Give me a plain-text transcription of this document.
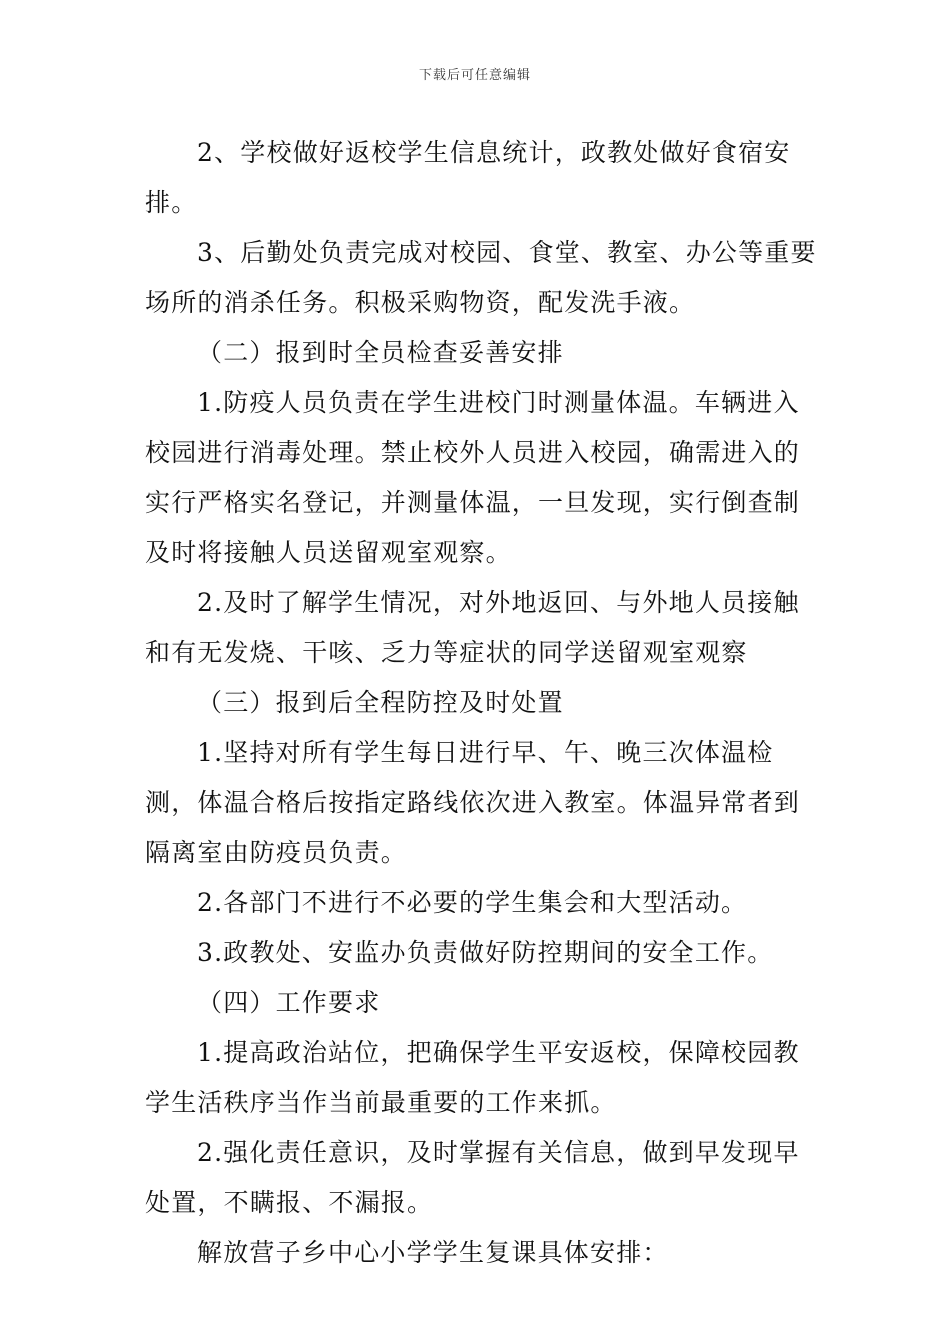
下载后可任意编辑

2、学校做好返校学生信息统计，政教处做好食宿安排。

3、后勤处负责完成对校园、食堂、教室、办公等重要场所的消杀任务。积极采购物资，配发洗手液。

（二）报到时全员检查妥善安排

1.防疫人员负责在学生进校门时测量体温。车辆进入校园进行消毒处理。禁止校外人员进入校园，确需进入的实行严格实名登记，并测量体温，一旦发现，实行倒查制及时将接触人员送留观室观察。

2.及时了解学生情况，对外地返回、与外地人员接触和有无发烧、干咳、乏力等症状的同学送留观室观察

（三）报到后全程防控及时处置

1.坚持对所有学生每日进行早、午、晚三次体温检测，体温合格后按指定路线依次进入教室。体温异常者到隔离室由防疫员负责。

2.各部门不进行不必要的学生集会和大型活动。

3.政教处、安监办负责做好防控期间的安全工作。

（四）工作要求

1.提高政治站位，把确保学生平安返校，保障校园教学生活秩序当作当前最重要的工作来抓。

2.强化责任意识，及时掌握有关信息，做到早发现早处置，不瞒报、不漏报。

解放营子乡中心小学学生复课具体安排：
